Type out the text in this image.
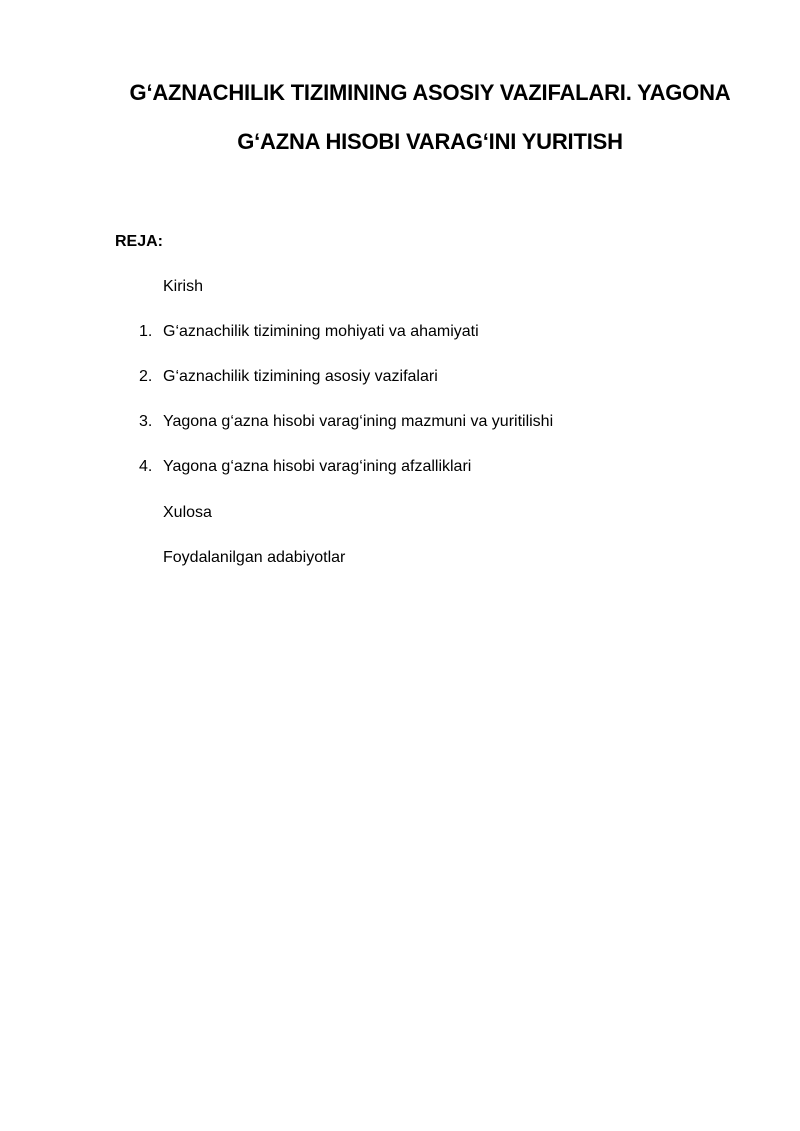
G‘AZNACHILIK TIZIMINING ASOSIY VAZIFALARI. YAGONA
G‘AZNA HISOBI VARAG‘INI YURITISH
REJA:
Kirish
1. G‘aznachilik tizimining mohiyati va ahamiyati
2. G‘aznachilik tizimining asosiy vazifalari
3. Yagona g‘azna hisobi varag‘ining mazmuni va yuritilishi
4. Yagona g‘azna hisobi varag‘ining afzalliklari
Xulosa
Foydalanilgan adabiyotlar
